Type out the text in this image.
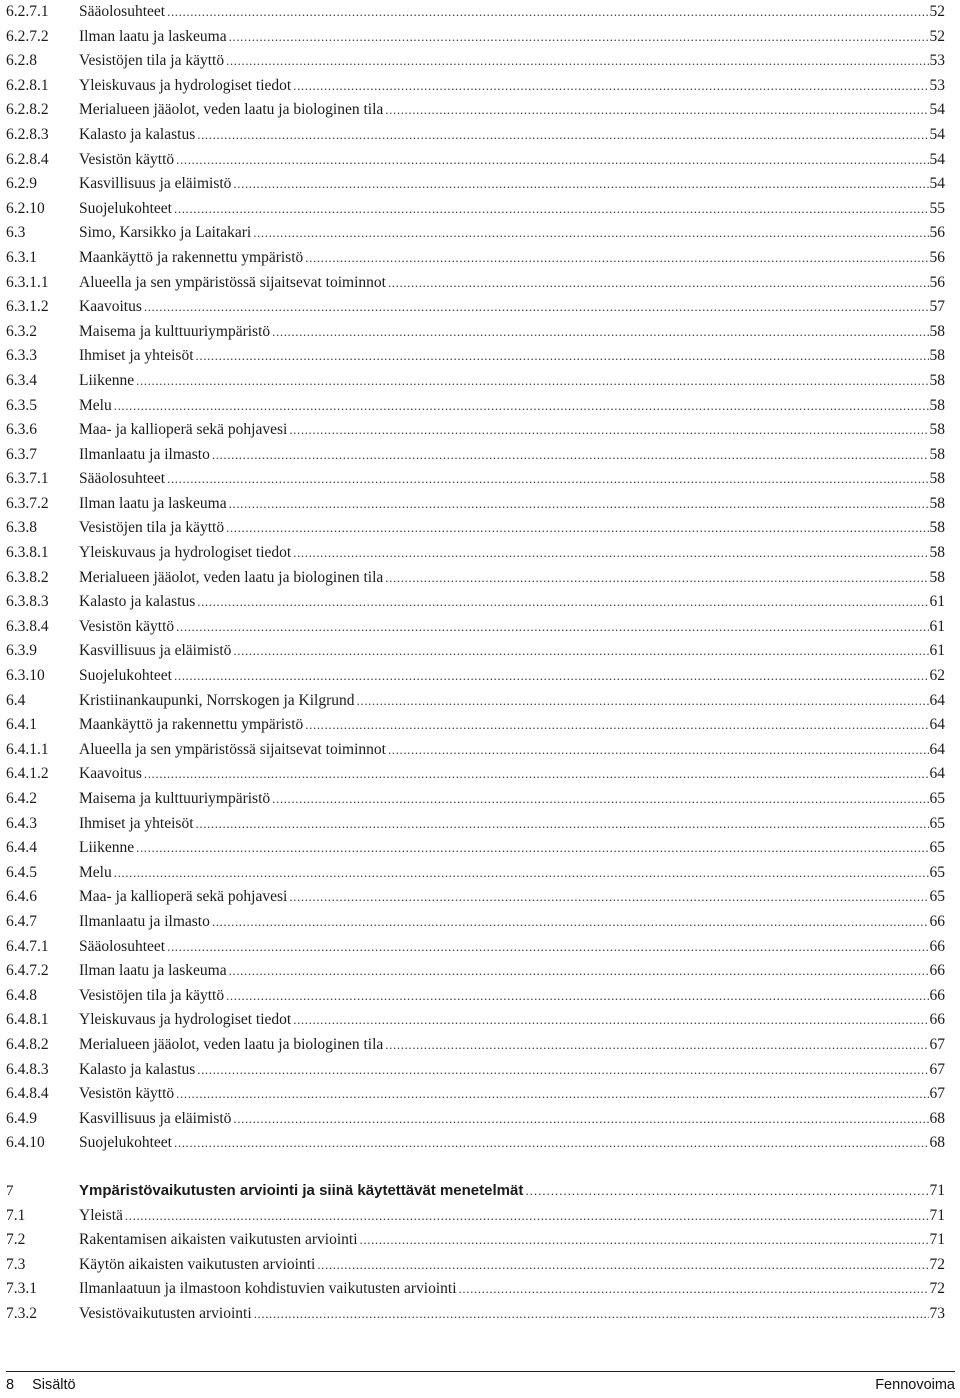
6.2.7.1	Sääolosuhteet .....	52
6.2.7.2	Ilman laatu ja laskeuma .....	52
6.2.8	Vesistöjen tila ja käyttö .....	53
6.2.8.1	Yleiskuvaus ja hydrologiset tiedot .....	53
6.2.8.2	Merialueen jääolot, veden laatu ja biologinen tila .....	54
6.2.8.3	Kalasto ja kalastus .....	54
6.2.8.4	Vesistön käyttö .....	54
6.2.9	Kasvillisuus ja eläimistö .....	54
6.2.10	Suojelukohteet .....	55
6.3	Simo, Karsikko ja Laitakari .....	56
6.3.1	Maankäyttö ja rakennettu ympäristö .....	56
6.3.1.1	Alueella ja sen ympäristössä sijaitsevat toiminnot .....	56
6.3.1.2	Kaavoitus .....	57
6.3.2	Maisema ja kulttuuriympäristö .....	58
6.3.3	Ihmiset ja yhteisöt .....	58
6.3.4	Liikenne .....	58
6.3.5	Melu .....	58
6.3.6	Maa- ja kallioperä sekä pohjavesi .....	58
6.3.7	Ilmanlaatu ja ilmasto .....	58
6.3.7.1	Sääolosuhteet .....	58
6.3.7.2	Ilman laatu ja laskeuma .....	58
6.3.8	Vesistöjen tila ja käyttö .....	58
6.3.8.1	Yleiskuvaus ja hydrologiset tiedot .....	58
6.3.8.2	Merialueen jääolot, veden laatu ja biologinen tila .....	58
6.3.8.3	Kalasto ja kalastus .....	61
6.3.8.4	Vesistön käyttö .....	61
6.3.9	Kasvillisuus ja eläimistö .....	61
6.3.10	Suojelukohteet .....	62
6.4	Kristiinankaupunki, Norrskogen ja Kilgrund .....	64
6.4.1	Maankäyttö ja rakennettu ympäristö .....	64
6.4.1.1	Alueella ja sen ympäristössä sijaitsevat toiminnot .....	64
6.4.1.2	Kaavoitus .....	64
6.4.2	Maisema ja kulttuuriympäristö .....	65
6.4.3	Ihmiset ja yhteisöt .....	65
6.4.4	Liikenne .....	65
6.4.5	Melu .....	65
6.4.6	Maa- ja kallioperä sekä pohjavesi .....	65
6.4.7	Ilmanlaatu ja ilmasto .....	66
6.4.7.1	Sääolosuhteet .....	66
6.4.7.2	Ilman laatu ja laskeuma .....	66
6.4.8	Vesistöjen tila ja käyttö .....	66
6.4.8.1	Yleiskuvaus ja hydrologiset tiedot .....	66
6.4.8.2	Merialueen jääolot, veden laatu ja biologinen tila .....	67
6.4.8.3	Kalasto ja kalastus .....	67
6.4.8.4	Vesistön käyttö .....	67
6.4.9	Kasvillisuus ja eläimistö .....	68
6.4.10	Suojelukohteet .....	68
7	Ympäristövaikutusten arviointi ja siinä käytettävät menetelmät .....	71
7.1	Yleistä .....	71
7.2	Rakentamisen aikaisten vaikutusten arviointi .....	71
7.3	Käytön aikaisten vaikutusten arviointi .....	72
7.3.1	Ilmanlaatuun ja ilmastoon kohdistuvien vaikutusten arviointi .....	72
7.3.2	Vesistövaikutusten arviointi .....	73
8 Sisältö	Fennovoima
